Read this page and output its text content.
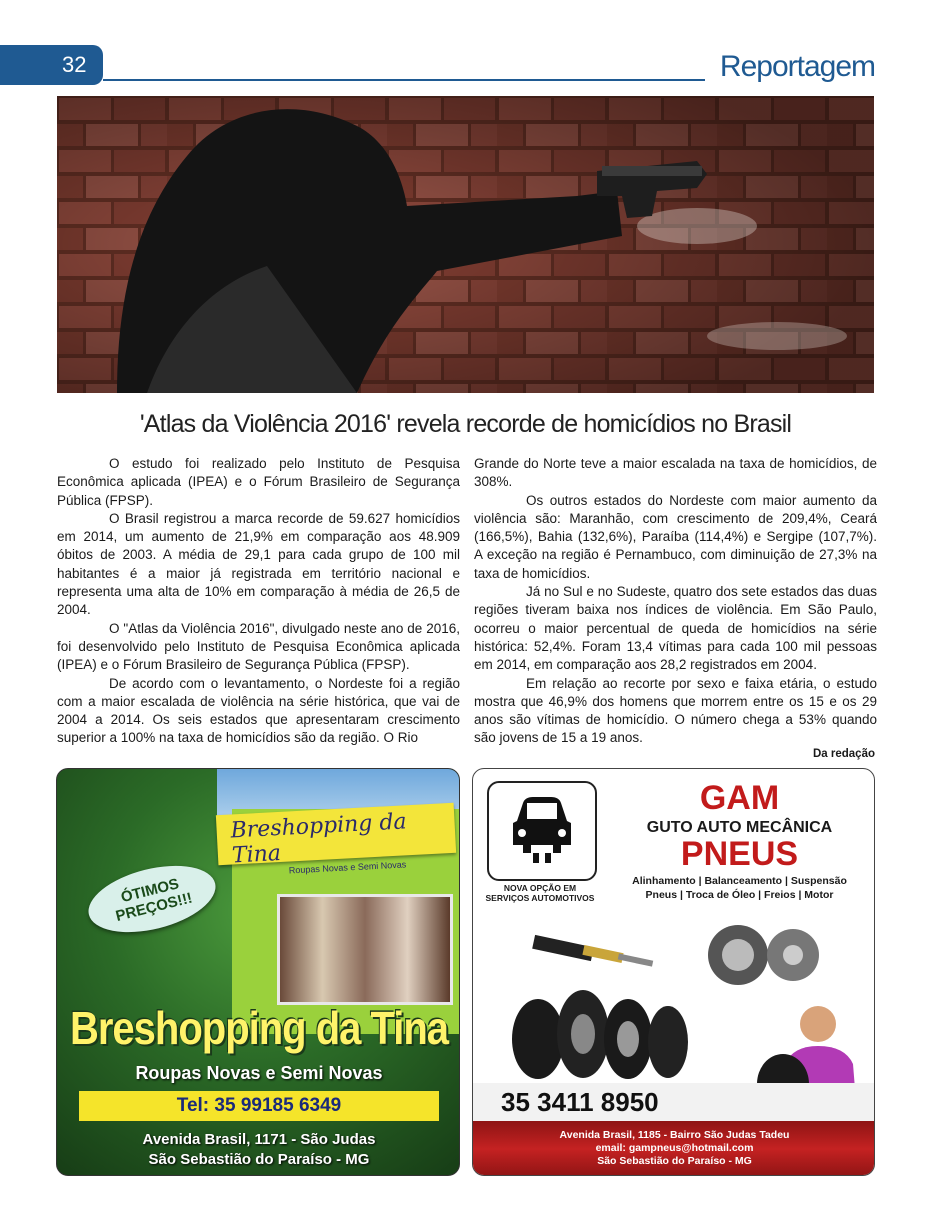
32	Reportagem
'Atlas da Violência 2016' revela recorde de homicídios no Brasil

O estudo foi realizado pelo Instituto de Pesquisa Econômica aplicada (IPEA) e o Fórum Brasileiro de Segurança Pública (FPSP).

O Brasil registrou a marca recorde de 59.627 homicídios em 2014, um aumento de 21,9% em comparação aos 48.909 óbitos de 2003. A média de 29,1 para cada grupo de 100 mil habitantes é a maior já registrada em território nacional e representa uma alta de 10% em comparação à média de 26,5 de 2004.

O "Atlas da Violência 2016", divulgado neste ano de 2016, foi desenvolvido pelo Instituto de Pesquisa Econômica aplicada (IPEA) e o Fórum Brasileiro de Segurança Pública (FPSP).

De acordo com o levantamento, o Nordeste foi a região com a maior escalada de violência na série histórica, que vai de 2004 a 2014. Os seis estados que apresentaram crescimento superior a 100% na taxa de homicídios são da região. O Rio

Grande do Norte teve a maior escalada na taxa de homicídios, de 308%.

Os outros estados do Nordeste com maior aumento da violência são: Maranhão, com crescimento de 209,4%, Ceará (166,5%), Bahia (132,6%), Paraíba (114,4%) e Sergipe (107,7%). A exceção na região é Pernambuco, com diminuição de 27,3% na taxa de homicídios.

Já no Sul e no Sudeste, quatro dos sete estados das duas regiões tiveram baixa nos índices de violência. Em São Paulo, ocorreu o maior percentual de queda de homicídios na série histórica: 52,4%. Foram 13,4 vítimas para cada 100 mil pessoas em 2014, em comparação aos 28,2 registrados em 2004.

Em relação ao recorte por sexo e faixa etária, o estudo mostra que 46,9% dos homens que morrem entre os 15 e os 29 anos são vítimas de homicídio. O número chega a 53% quando são jovens de 15 a 19 anos.

Da redação
Breshopping da Tina Roupas Novas e Semi Novas
ÓTIMOS PREÇOS!!!
Breshopping da Tina
Roupas Novas e Semi Novas
Tel: 35 99185 6349
Avenida Brasil, 1171 - São Judas
São Sebastião do Paraíso - MG
NOVA OPÇÃO EM SERVIÇOS AUTOMOTIVOS
GAM
GUTO AUTO MECÂNICA
PNEUS
Alinhamento | Balanceamento | Suspensão
Pneus | Troca de Óleo | Freios | Motor
35 3411 8950
Avenida Brasil, 1185 - Bairro São Judas Tadeu
email: gampneus@hotmail.com
São Sebastião do Paraíso - MG
